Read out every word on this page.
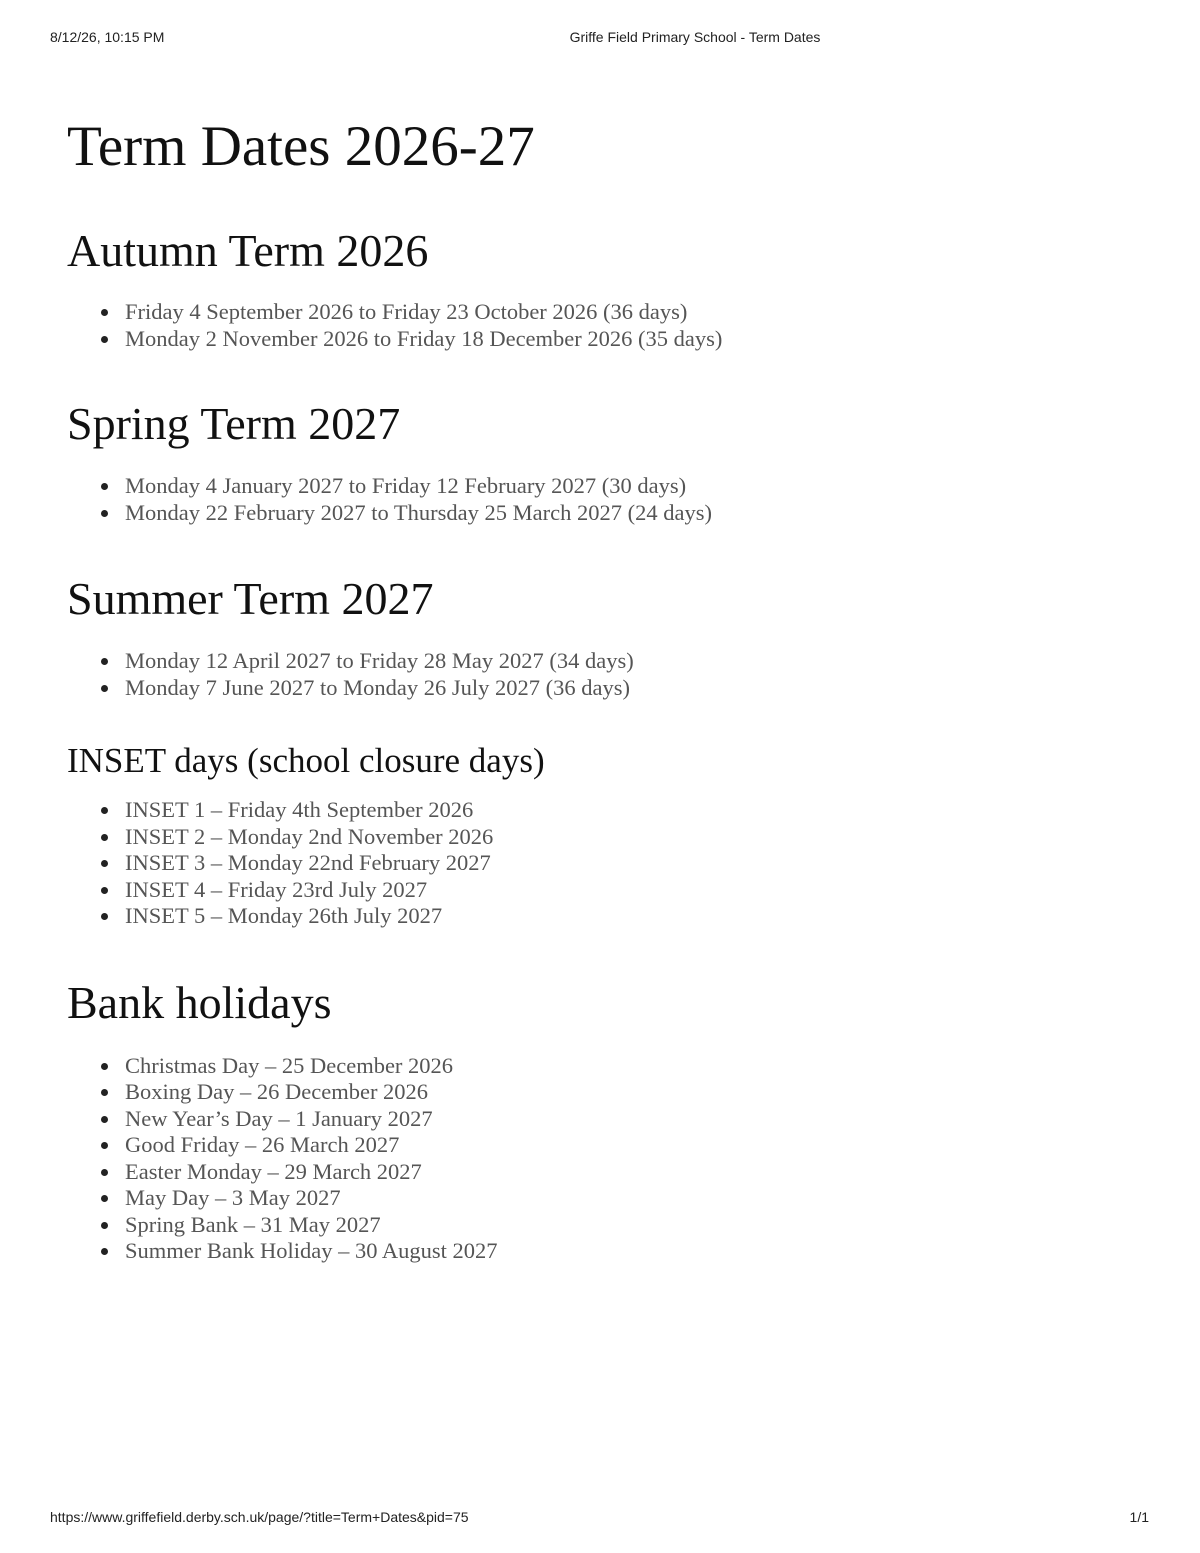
8/12/26, 10:15 PM	Griffe Field Primary School - Term Dates
Term Dates 2026-27
Autumn Term 2026
Friday 4 September 2026 to Friday 23 October 2026 (36 days)
Monday 2 November 2026 to Friday 18 December 2026 (35 days)
Spring Term 2027
Monday 4 January 2027 to Friday 12 February 2027 (30 days)
Monday 22 February 2027 to Thursday 25 March 2027 (24 days)
Summer Term 2027
Monday 12 April 2027 to Friday 28 May 2027 (34 days)
Monday 7 June 2027 to Monday 26 July 2027 (36 days)
INSET days (school closure days)
INSET 1 – Friday 4th September 2026
INSET 2 – Monday 2nd November 2026
INSET 3 – Monday 22nd February 2027
INSET 4 – Friday 23rd July 2027
INSET 5 – Monday 26th July 2027
Bank holidays
Christmas Day – 25 December 2026
Boxing Day – 26 December 2026
New Year’s Day – 1 January 2027
Good Friday – 26 March 2027
Easter Monday – 29 March 2027
May Day – 3 May 2027
Spring Bank – 31 May 2027
Summer Bank Holiday – 30 August 2027
https://www.griffefield.derby.sch.uk/page/?title=Term+Dates&pid=75	1/1
